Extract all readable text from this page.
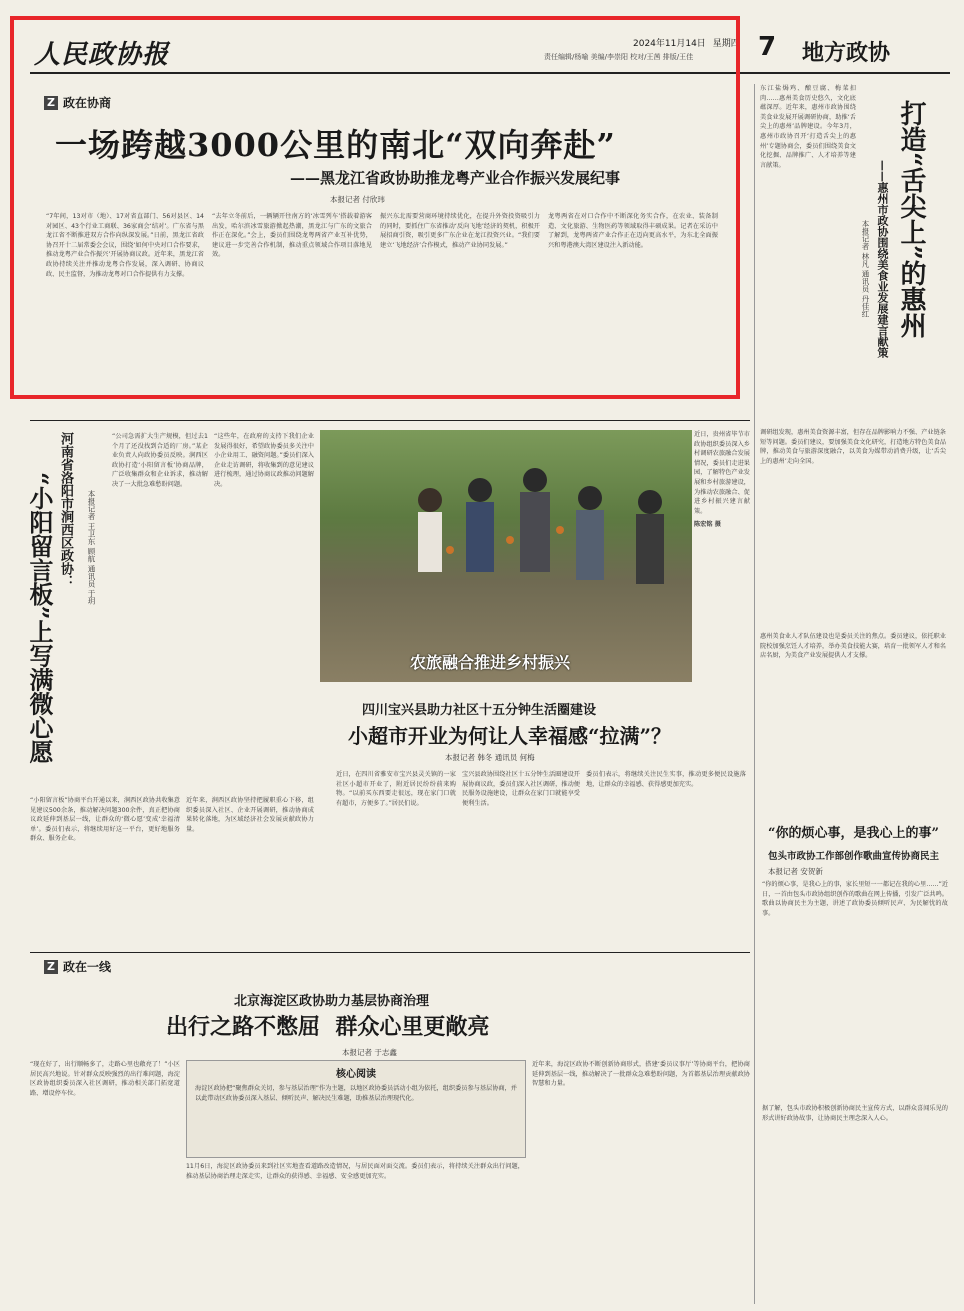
人民政协报	2024年11月14日 星期四
责任编辑/杨喻 美编/李崇阳 校对/王茜 排版/王佳 7 地方政协
Z 政在协商
一场跨越3000公里的南北“双向奔赴”
——黑龙江省政协助推龙粤产业合作振兴发展纪事
本报记者 付欣玮
“7年间，13对市（地）、17对省直部门、56对县区、14对园区、43个行业工商联、36家商会‘结对’。广东省与黑龙江省不断推进双方合作向纵深发展。”日前，黑龙江省政协召开十二届常委会会议，围绕‘如何中央对口合作要求，推动龙粤产业合作振兴’开展协商议政。近年来，黑龙江省政协持续关注并推动龙粤合作发展，深入调研、协商议政、民主监督，为推动龙粤对口合作提供有力支撑。
“去年立冬前后，一辆辆开往南方的‘冰雪列车’搭载着游客出发，哈尔滨冰雪旅游掀起热潮，黑龙江与广东的文旅合作正在深化。”会上，委员们围绕龙粤两省产业互补优势，建议进一步完善合作机制，推动重点领域合作项目落地见效。
振兴东北需要营商环境持续优化，在提升外资投资吸引力的同时，要抓住广东省推动‘反向飞地’经济的契机，积极开展招商引资，吸引更多广东企业在龙江投资兴业。“我们要建立‘飞地经济’合作模式，推动产业协同发展。”
龙粤两省在对口合作中不断深化务实合作，在农业、装备制造、文化旅游、生物医药等领域取得丰硕成果。记者在采访中了解到，龙粤两省产业合作正在迈向更高水平，为东北全面振兴和粤港澳大湾区建设注入新动能。
东江盐焗鸡、酿豆腐、梅菜扣肉……惠州美食历史悠久，文化底蕴深厚。近年来，惠州市政协围绕美食业发展开展调研协商，助推‘舌尖上的惠州’品牌建设。今年3月，惠州市政协召开‘打造舌尖上的惠州’专题协商会，委员们围绕美食文化挖掘、品牌推广、人才培养等建言献策。	打造“舌尖上”的惠州
——惠州市政协围绕美食业发展建言献策
本报记者 林凡 通讯员 丹佳红
调研组发现，惠州美食资源丰富，但存在品牌影响力不强、产业链条短等问题。委员们建议，要加强美食文化研究，打造地方特色美食品牌，推动美食与旅游深度融合，以美食为媒带动消费升级，让‘舌尖上的惠州’走向全国。
惠州美食业人才队伍建设也是委员关注的焦点。委员建议，依托职业院校加强烹饪人才培养，举办美食技能大赛，培育一批领军人才和名店名厨，为美食产业发展提供人才支撑。
河南省洛阳市涧西区政协：
“小阳留言板”上写满微心愿	本报记者 王卫东 顾航 通讯员 于玥
“公司急需扩大生产规模，但过去1个月了还没找到合适的厂房。”某企业负责人向政协委员反映。涧西区政协打造‘小阳留言板’协商品牌，广泛收集群众和企业诉求，推动解决了一大批急难愁盼问题。
“这些年，在政府的支持下我们企业发展得很好，希望政协委员多关注中小企业用工、融资问题。”委员们深入企业走访调研，将收集到的意见建议进行梳理，通过协商议政推动问题解决。
“小阳留言板”协商平台开通以来，涧西区政协共收集意见建议500余条，推动解决问题300余件，真正把协商议政延伸到基层一线，让群众的‘微心愿’变成‘幸福清单’。委员们表示，将继续用好这一平台，更好地服务群众、服务企业。
近年来，涧西区政协坚持把履职重心下移，组织委员深入社区、企业开展调研，推动协商成果转化落地，为区域经济社会发展贡献政协力量。
农旅融合推进乡村振兴
近日，贵州省毕节市政协组织委员深入乡村调研农旅融合发展情况，委员们走进果园，了解特色产业发展和乡村旅游建设，为推动农旅融合、促进乡村振兴建言献策。
陈宏铭 摄
四川宝兴县助力社区十五分钟生活圈建设
小超市开业为何让人幸福感“拉满”？
本报记者 韩冬 通讯员 何梅
近日，在四川省雅安市宝兴县灵关镇的一家社区小超市开业了，附近居民纷纷前来购物。“以前买东西要走很远，现在家门口就有超市，方便多了。”居民们说。
宝兴县政协围绕社区十五分钟生活圈建设开展协商议政，委员们深入社区调研，推动便民服务设施建设，让群众在家门口就能享受便利生活。
委员们表示，将继续关注民生实事，推动更多便民设施落地，让群众的幸福感、获得感更加充实。
“你的烦心事，是我心上的事”
包头市政协工作部创作歌曲宣传协商民主
本报记者 安贺新
“你的烦心事，是我心上的事，家长里短一一都记在我的心里……”近日，一首由包头市政协组织创作的歌曲在网上传播，引发广泛共鸣。歌曲以协商民主为主题，讲述了政协委员倾听民声、为民解忧的故事。
据了解，包头市政协积极创新协商民主宣传方式，以群众喜闻乐见的形式讲好政协故事，让协商民主理念深入人心。
Z 政在一线
北京海淀区政协助力基层协商治理
出行之路不憋屈  群众心里更敞亮
本报记者 于志鑫
核心阅读
海淀区政协把“聚焦群众关切，参与基层治理”作为主题，以地区政协委员活动小组为依托，组织委员参与基层协商，并以此带动区政协委员深入基层、倾听民声、解决民生难题，助推基层治理现代化。
“现在好了，出行顺畅多了，走路心里也敞亮了！”小区居民高兴地说。针对群众反映强烈的出行难问题，海淀区政协组织委员深入社区调研，推动相关部门拓宽道路、增设停车位。
11月6日，海淀区政协委员来到社区实地查看道路改造情况，与居民面对面交流。委员们表示，将持续关注群众出行问题，推动基层协商治理走深走实，让群众的获得感、幸福感、安全感更加充实。
近年来，海淀区政协不断创新协商形式，搭建‘委员议事厅’等协商平台，把协商延伸到基层一线，推动解决了一批群众急难愁盼问题，为首都基层治理贡献政协智慧和力量。
